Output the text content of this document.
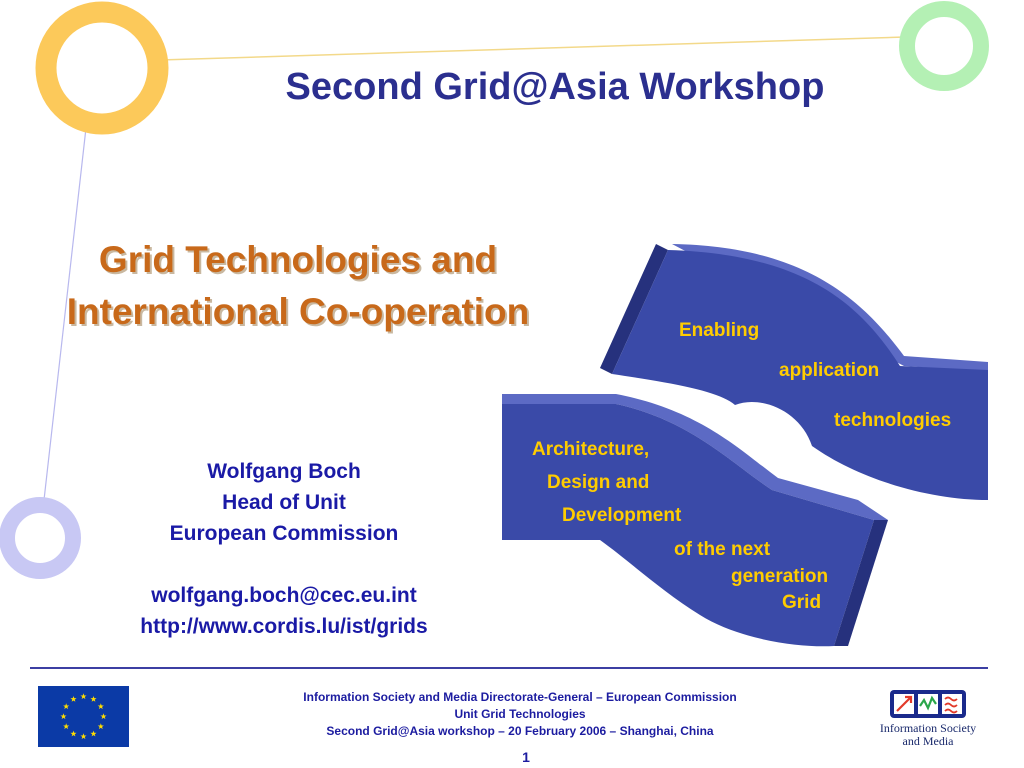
Second Grid@Asia Workshop
Grid Technologies and
International Co-operation	Enabling
application
technologies
Architecture,
Design and
Development
of the next
generation
Grid
Wolfgang Boch
Head of Unit
European Commission
wolfgang.boch@cec.eu.int
http://www.cordis.lu/ist/grids
Information Society and Media Directorate-General – European Commission
Unit Grid Technologies
Second Grid@Asia workshop – 20 February 2006 – Shanghai, China
1
Information Society
and Media
